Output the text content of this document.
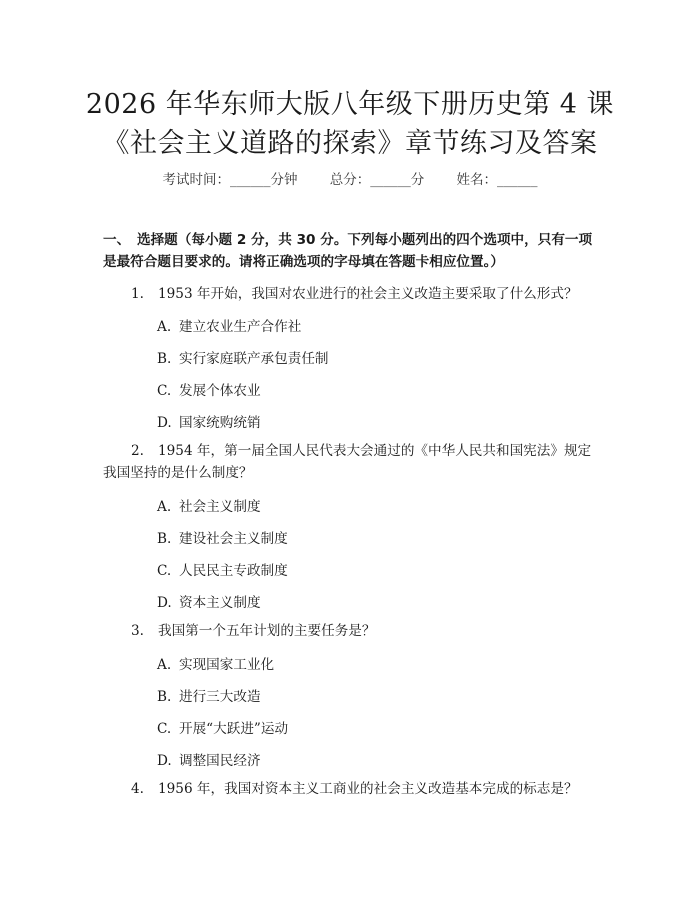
2026 年华东师大版八年级下册历史第 4 课
《社会主义道路的探索》章节练习及答案
考试时间：______分钟 总分：______分 姓名：______
一、　选择题（每小题 2 分，共 30 分。下列每小题列出的四个选项中，只有一项是最符合题目要求的。请将正确选项的字母填在答题卡相应位置。）
1. 1953 年开始，我国对农业进行的社会主义改造主要采取了什么形式？
A. 建立农业生产合作社
B. 实行家庭联产承包责任制
C. 发展个体农业
D. 国家统购统销
2. 1954 年，第一届全国人民代表大会通过的《中华人民共和国宪法》规定我国坚持的是什么制度？
A. 社会主义制度
B. 建设社会主义制度
C. 人民民主专政制度
D. 资本主义制度
3. 我国第一个五年计划的主要任务是？
A. 实现国家工业化
B. 进行三大改造
C. 开展“大跃进”运动
D. 调整国民经济
4. 1956 年，我国对资本主义工商业的社会主义改造基本完成的标志是？
